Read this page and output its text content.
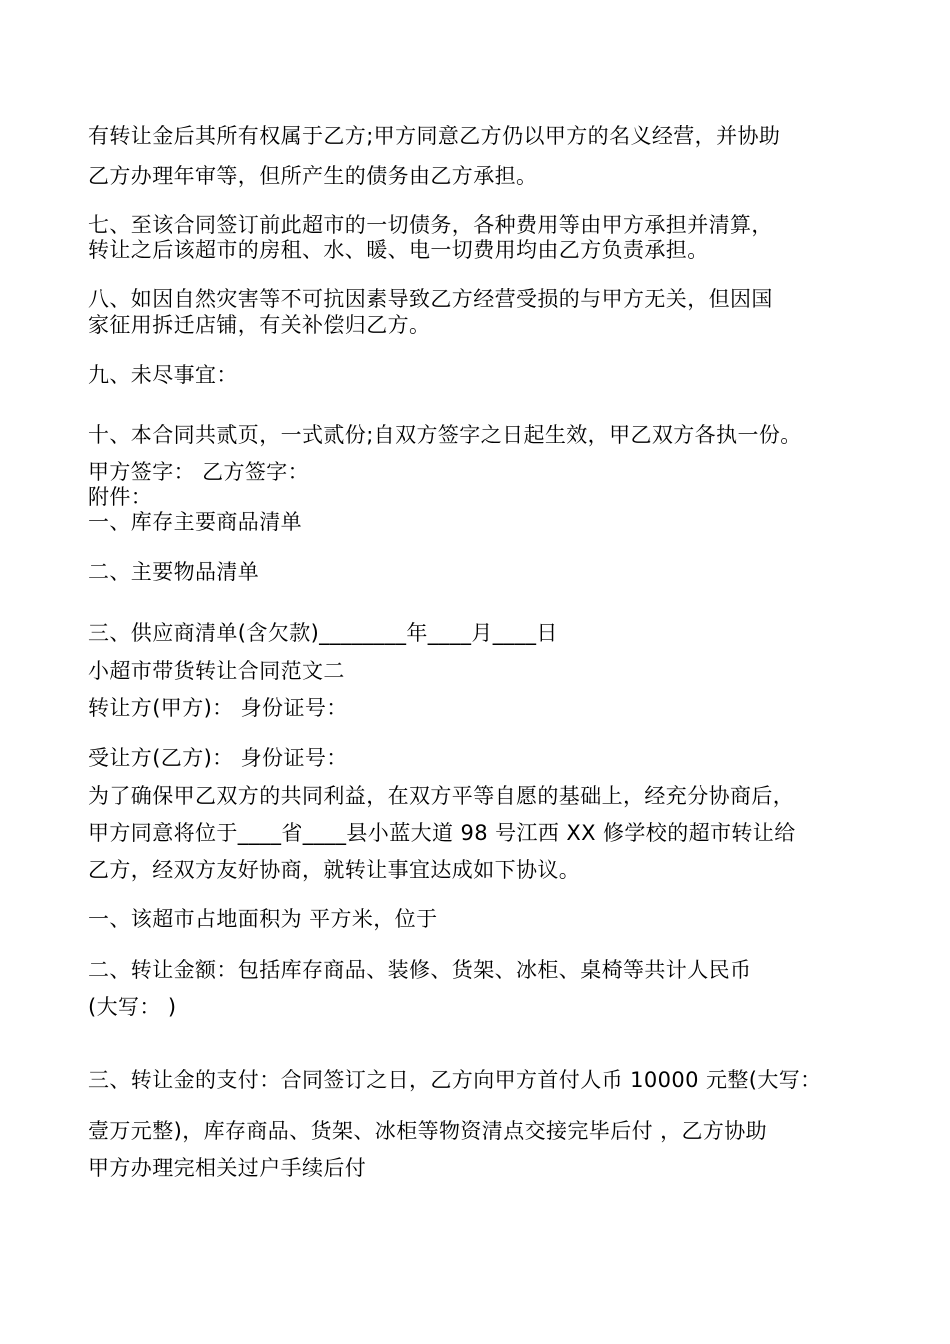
有转让金后其所有权属于乙方;甲方同意乙方仍以甲方的名义经营，并协助
乙方办理年审等，但所产生的债务由乙方承担。
七、至该合同签订前此超市的一切债务，各种费用等由甲方承担并清算，
转让之后该超市的房租、水、暖、电一切费用均由乙方负责承担。
八、如因自然灾害等不可抗因素导致乙方经营受损的与甲方无关，但因国
家征用拆迁店铺，有关补偿归乙方。
九、未尽事宜：
十、本合同共贰页，一式贰份;自双方签字之日起生效，甲乙双方各执一份。
甲方签字： 乙方签字：
附件：
一、库存主要商品清单
二、主要物品清单
三、供应商清单(含欠款)________年____月____日
小超市带货转让合同范文二
转让方(甲方)： 身份证号：
受让方(乙方)： 身份证号：
为了确保甲乙双方的共同利益，在双方平等自愿的基础上，经充分协商后，
甲方同意将位于____省____县小蓝大道 98 号江西 XX 修学校的超市转让给
乙方，经双方友好协商，就转让事宜达成如下协议。
一、该超市占地面积为 平方米，位于
二、转让金额：包括库存商品、装修、货架、冰柜、桌椅等共计人民币
(大写： )
三、转让金的支付：合同签订之日，乙方向甲方首付人币 10000 元整(大写：
壹万元整)，库存商品、货架、冰柜等物资清点交接完毕后付 ，乙方协助
甲方办理完相关过户手续后付
